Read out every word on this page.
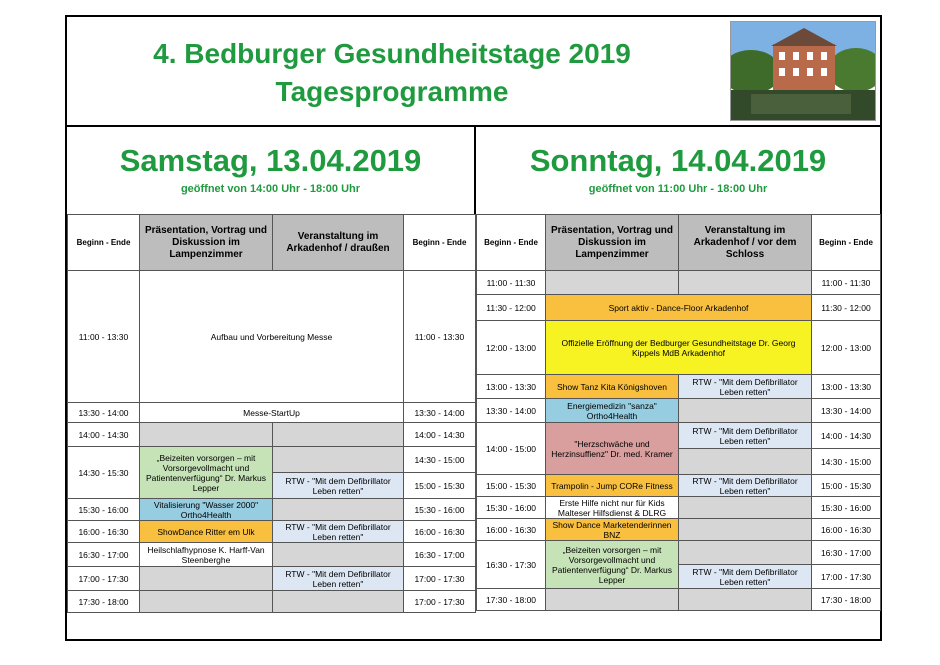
4. Bedburger Gesundheitstage 2019
Tagesprogramme
Samstag, 13.04.2019
geöffnet von 14:00 Uhr - 18:00 Uhr
Sonntag, 14.04.2019
geöffnet von 11:00 Uhr - 18:00 Uhr
Beginn - Ende	Präsentation, Vortrag und Diskussion im Lampenzimmer	Veranstaltung im Arkadenhof / draußen	Beginn - Ende
11:00 - 13:30	Aufbau und Vorbereitung Messe		11:00 - 13:30
13:30 - 14:00	Messe-StartUp		13:30 - 14:00
14:00 - 14:30			14:00 - 14:30
14:30 - 15:30	„Beizeiten vorsorgen – mit Vorsorgevollmacht und Patientenverfügung“ Dr. Markus Lepper		14:30 - 15:00
		RTW - "Mit dem Defibrillator Leben retten"	15:00 - 15:30
15:30 - 16:00	Vitalisierung "Wasser 2000" Ortho4Health		15:30 - 16:00
16:00 - 16:30	ShowDance Ritter em Ulk	RTW - "Mit dem Defibrillator Leben retten"	16:00 - 16:30
16:30 - 17:00	Heilschlafhypnose K. Harff-Van Steenberghe		16:30 - 17:00
17:00 - 17:30		RTW - "Mit dem Defibrillator Leben retten"	17:00 - 17:30
17:30 - 18:00			17:00 - 17:30
Beginn - Ende	Präsentation, Vortrag und Diskussion im Lampenzimmer	Veranstaltung im Arkadenhof / vor dem Schloss	Beginn - Ende
11:00 - 11:30			11:00 - 11:30
11:30 - 12:00	Sport aktiv - Dance-Floor Arkadenhof		11:30 - 12:00
12:00 - 13:00	Offizielle Eröffnung der Bedburger Gesundheitstage Dr. Georg Kippels MdB Arkadenhof		12:00 - 13:00
13:00 - 13:30	Show Tanz Kita Königshoven	RTW - "Mit dem Defibrillator Leben retten"	13:00 - 13:30
13:30 - 14:00	Energiemedizin "sanza" Ortho4Health		13:30 - 14:00
14:00 - 15:00	"Herzschwäche und Herzinsuffienz" Dr. med. Kramer	RTW - "Mit dem Defibrillator Leben retten"	14:00 - 14:30
			14:30 - 15:00
15:00 - 15:30	Trampolin - Jump CORe Fitness	RTW - "Mit dem Defibrillator Leben retten"	15:00 - 15:30
15:30 - 16:00	Erste Hilfe nicht nur für Kids Malteser Hilfsdienst & DLRG		15:30 - 16:00
16:00 - 16:30	Show Dance Marketenderinnen BNZ		16:00 - 16:30
16:30 - 17:30	„Beizeiten vorsorgen – mit Vorsorgevollmacht und Patientenverfügung“ Dr. Markus Lepper		16:30 - 17:00
		RTW - "Mit dem Defibrillator Leben retten"	17:00 - 17:30
17:30 - 18:00			17:30 - 18:00
